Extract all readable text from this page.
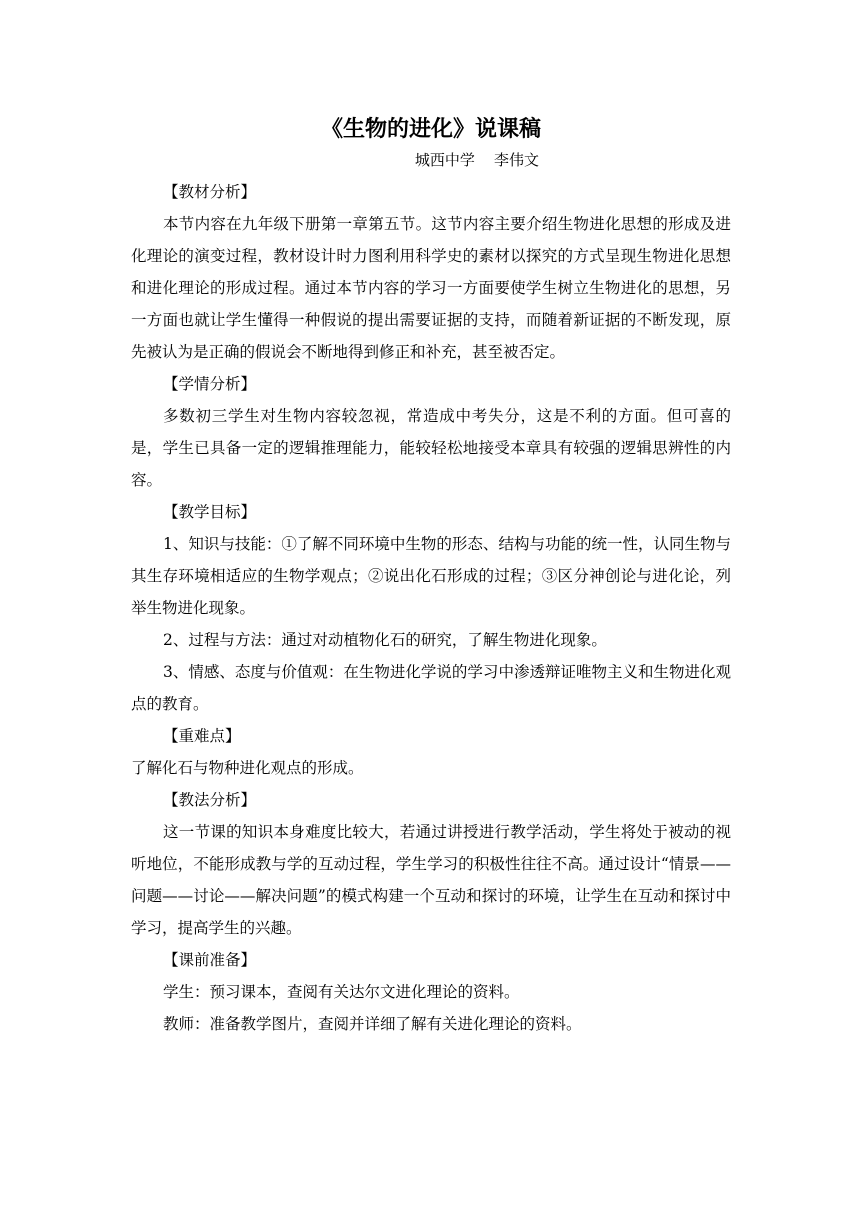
《生物的进化》说课稿

城西中学    李伟文

【教材分析】

本节内容在九年级下册第一章第五节。这节内容主要介绍生物进化思想的形成及进化理论的演变过程，教材设计时力图利用科学史的素材以探究的方式呈现生物进化思想和进化理论的形成过程。通过本节内容的学习一方面要使学生树立生物进化的思想，另一方面也就让学生懂得一种假说的提出需要证据的支持，而随着新证据的不断发现，原先被认为是正确的假说会不断地得到修正和补充，甚至被否定。

【学情分析】

多数初三学生对生物内容较忽视，常造成中考失分，这是不利的方面。但可喜的是，学生已具备一定的逻辑推理能力，能较轻松地接受本章具有较强的逻辑思辨性的内容。

【教学目标】

1、知识与技能：①了解不同环境中生物的形态、结构与功能的统一性，认同生物与其生存环境相适应的生物学观点；②说出化石形成的过程；③区分神创论与进化论，列举生物进化现象。

2、过程与方法：通过对动植物化石的研究，了解生物进化现象。

3、情感、态度与价值观：在生物进化学说的学习中渗透辩证唯物主义和生物进化观点的教育。

【重难点】

了解化石与物种进化观点的形成。

【教法分析】

这一节课的知识本身难度比较大，若通过讲授进行教学活动，学生将处于被动的视听地位，不能形成教与学的互动过程，学生学习的积极性往往不高。通过设计“情景——问题——讨论——解决问题”的模式构建一个互动和探讨的环境，让学生在互动和探讨中学习，提高学生的兴趣。

【课前准备】

学生：预习课本，查阅有关达尔文进化理论的资料。

教师：准备教学图片，查阅并详细了解有关进化理论的资料。
